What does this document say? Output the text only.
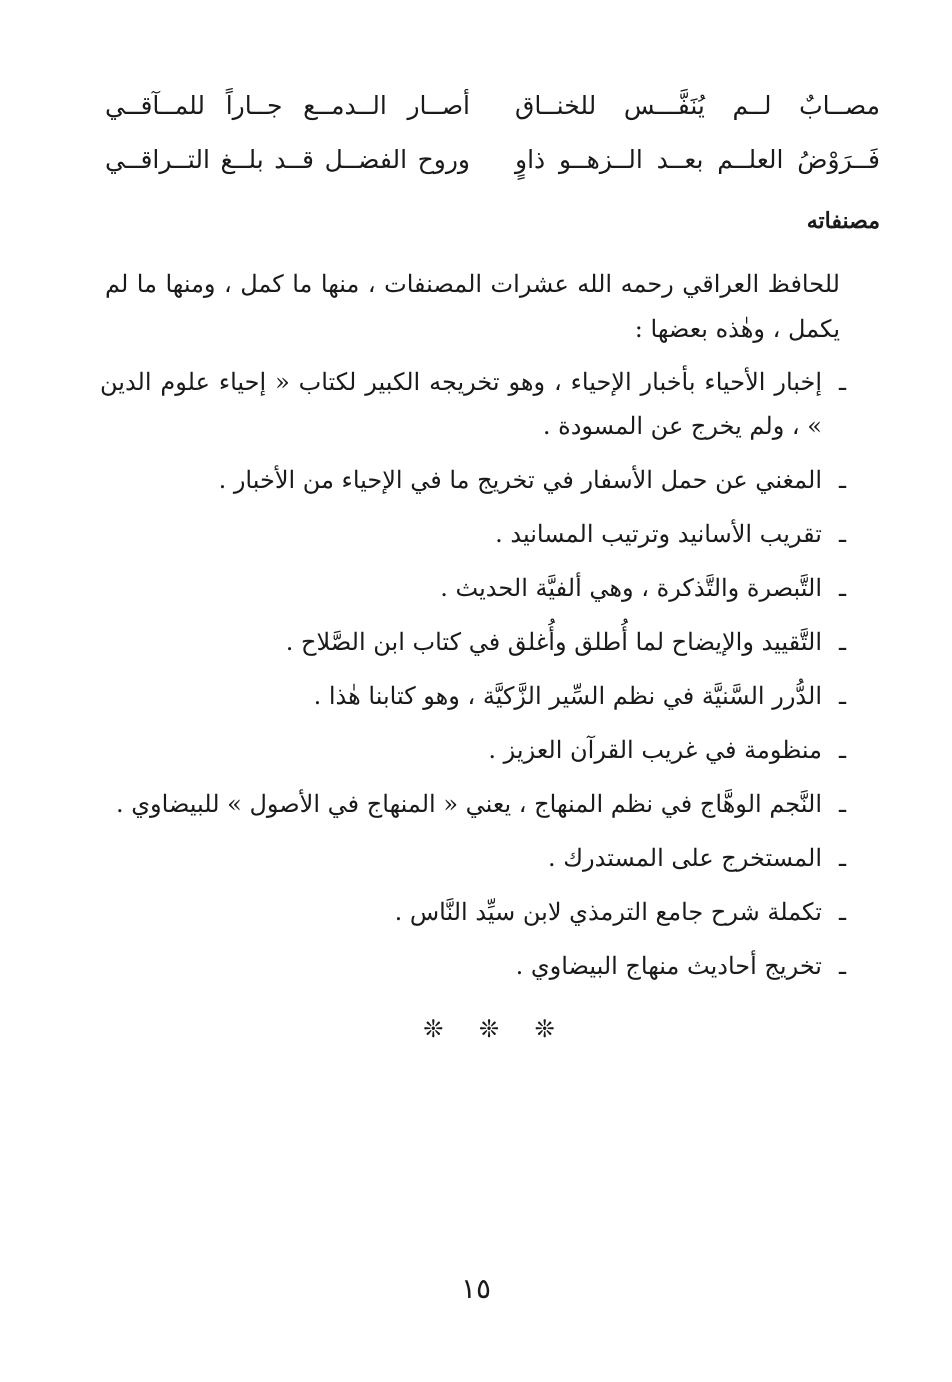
مصــابٌ لــم يُنَفَّـــس للخنــاق
أصــار الــدمــع جــاراً للمــآقــي
فَــرَوْضُ العلــم بعــد الــزهــو ذاوٍ
وروح الفضــل قــد بلــغ التــراقــي
مصنفاته

للحافظ العراقي رحمه الله عشرات المصنفات ، منها ما كمل ، ومنها ما لم يكمل ، وهٰذه بعضها :

ـ
إخبار الأحياء بأخبار الإحياء ، وهو تخريجه الكبير لكتاب « إحياء علوم الدين » ، ولم يخرج عن المسودة .
ـ
المغني عن حمل الأسفار في تخريج ما في الإحياء من الأخبار .
ـ
تقريب الأسانيد وترتيب المسانيد .
ـ
التَّبصرة والتَّذكرة ، وهي ألفيَّة الحديث .
ـ
التَّقييد والإيضاح لما أُطلق وأُغلق في كتاب ابن الصَّلاح .
ـ
الدُّرر السَّنيَّة في نظم السِّير الزَّكيَّة ، وهو كتابنا هٰذا .
ـ
منظومة في غريب القرآن العزيز .
ـ
النَّجم الوهَّاج في نظم المنهاج ، يعني « المنهاج في الأصول » للبيضاوي .
ـ
المستخرج على المستدرك .
ـ
تكملة شرح جامع الترمذي لابن سيِّد النَّاس .
ـ
تخريج أحاديث منهاج البيضاوي .
❊ ❊ ❊
١٥
